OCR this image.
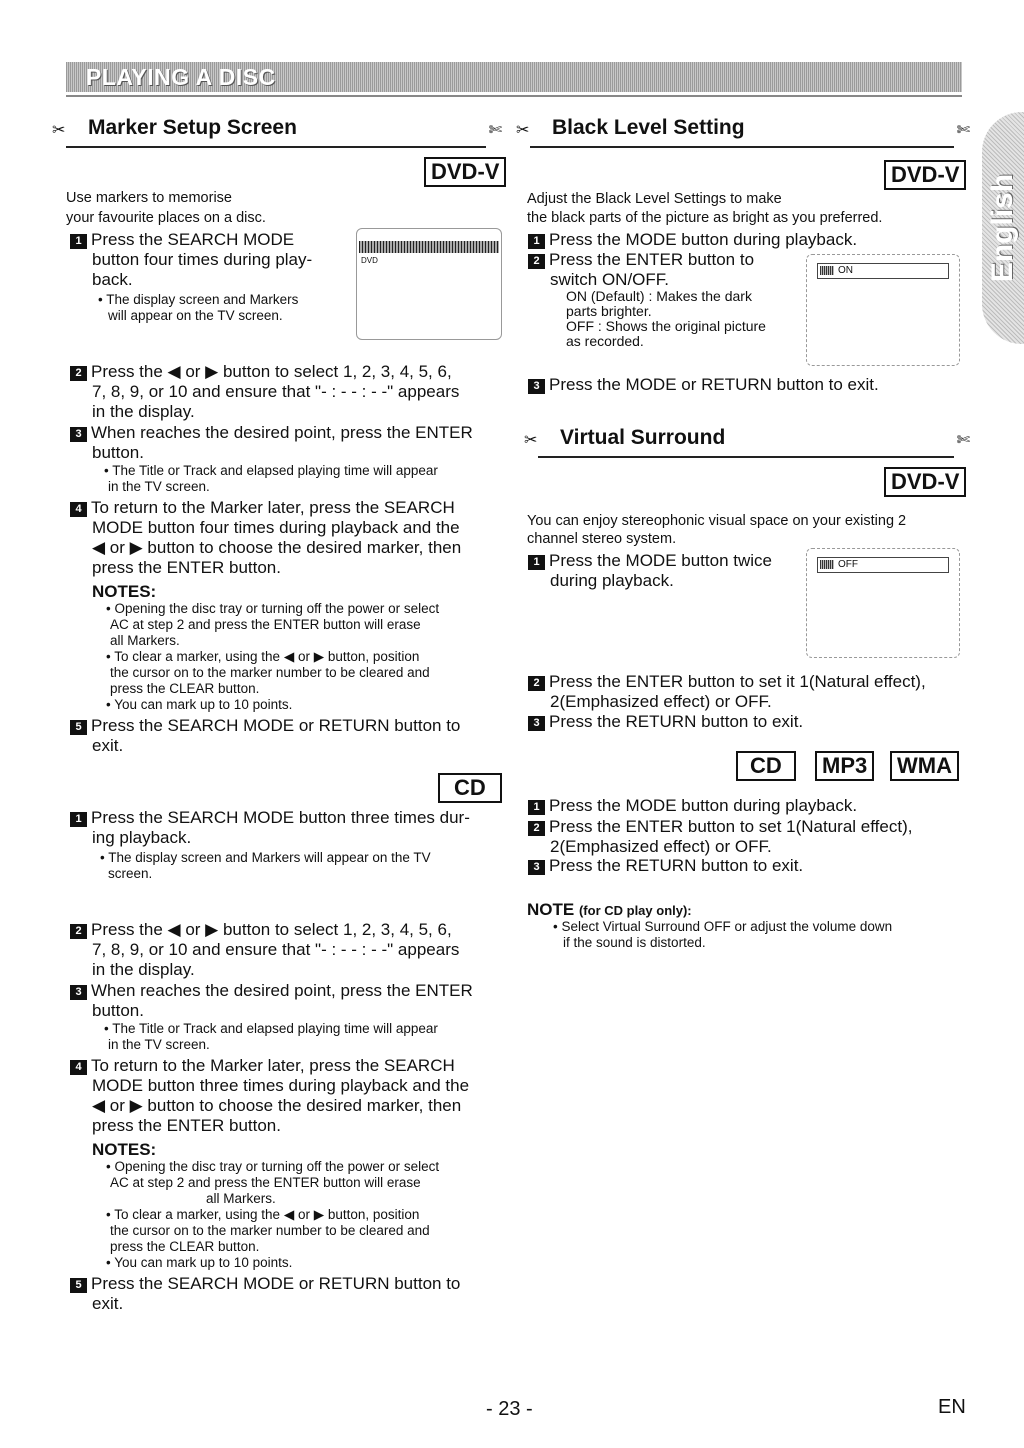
PLAYING A DISC
English
✂ Marker Setup Screen	✄
DVD-V
Use markers to memorise
your favourite places on a disc.
1 Press the SEARCH MODE
button four times during play-
back.
• The display screen and Markers
will appear on the TV screen.
DVD
2 Press the ◀ or ▶ button to select 1, 2, 3, 4, 5, 6,
7, 8, 9, or 10 and ensure that "- : - - : - -" appears
in the display.
3 When reaches the desired point, press the ENTER
button.
• The Title or Track and elapsed playing time will appear
in the TV screen.
4 To return to the Marker later, press the SEARCH
MODE button four times during playback and the
◀ or ▶ button to choose the desired marker, then
press the ENTER button.
NOTES:
• Opening the disc tray or turning off the power or select
AC at step 2 and press the ENTER button will erase
all Markers.
• To clear a marker, using the ◀ or ▶ button, position
the cursor on to the marker number to be cleared and
press the CLEAR button.
• You can mark up to 10 points.
5 Press the SEARCH MODE or RETURN button to
exit.
CD
1 Press the SEARCH MODE button three times dur-
ing playback.
• The display screen and Markers will appear on the TV
screen.
2 Press the ◀ or ▶ button to select 1, 2, 3, 4, 5, 6,
7, 8, 9, or 10 and ensure that "- : - - : - -" appears
in the display.
3 When reaches the desired point, press the ENTER
button.
• The Title or Track and elapsed playing time will appear
in the TV screen.
4 To return to the Marker later, press the SEARCH
MODE button three times during playback and the
◀ or ▶ button to choose the desired marker, then
press the ENTER button.
NOTES:
• Opening the disc tray or turning off the power or select
AC at step 2 and press the ENTER button will erase
all Markers.
• To clear a marker, using the ◀ or ▶ button, position
the cursor on to the marker number to be cleared and
press the CLEAR button.
• You can mark up to 10 points.
5 Press the SEARCH MODE or RETURN button to
exit.
✂ Black Level Setting	✄
DVD-V
Adjust the Black Level Settings to make
the black parts of the picture as bright as you preferred.
1 Press the MODE button during playback.
2 Press the ENTER button to
switch ON/OFF.
ON (Default) : Makes the dark
parts brighter.
OFF : Shows the original picture
as recorded.
ON
3 Press the MODE or RETURN button to exit.
✂ Virtual Surround	✄
DVD-V
You can enjoy stereophonic visual space on your existing 2
channel stereo system.
1 Press the MODE button twice
during playback.
OFF
2 Press the ENTER button to set it 1(Natural effect),
2(Emphasized effect) or OFF.
3 Press the RETURN button to exit.
CD	MP3	WMA
1 Press the MODE button during playback.
2 Press the ENTER button to set 1(Natural effect),
2(Emphasized effect) or OFF.
3 Press the RETURN button to exit.
NOTE (for CD play only):
• Select Virtual Surround OFF or adjust the volume down
if the sound is distorted.
- 23 -	EN
